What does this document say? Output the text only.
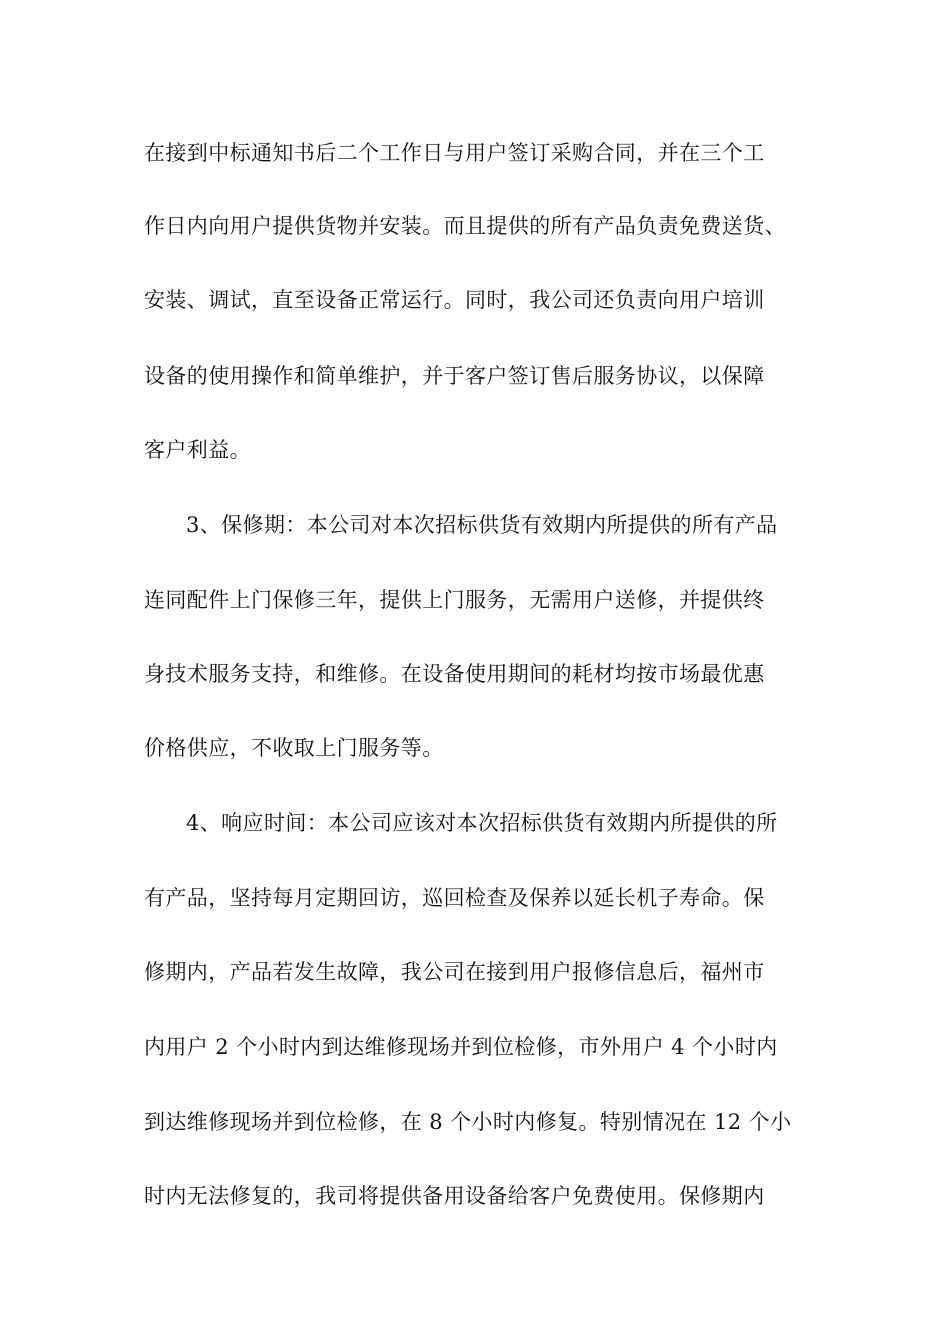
在接到中标通知书后二个工作日与用户签订采购合同，并在三个工
作日内向用户提供货物并安装。而且提供的所有产品负责免费送货、
安装、调试，直至设备正常运行。同时，我公司还负责向用户培训
设备的使用操作和简单维护，并于客户签订售后服务协议，以保障
客户利益。
3、保修期：本公司对本次招标供货有效期内所提供的所有产品
连同配件上门保修三年，提供上门服务，无需用户送修，并提供终
身技术服务支持，和维修。在设备使用期间的耗材均按市场最优惠
价格供应，不收取上门服务等。
4、响应时间：本公司应该对本次招标供货有效期内所提供的所
有产品，坚持每月定期回访，巡回检查及保养以延长机子寿命。保
修期内，产品若发生故障，我公司在接到用户报修信息后，福州市
内用户 2 个小时内到达维修现场并到位检修，市外用户 4 个小时内
到达维修现场并到位检修，在 8 个小时内修复。特别情况在 12 个小
时内无法修复的，我司将提供备用设备给客户免费使用。保修期内
